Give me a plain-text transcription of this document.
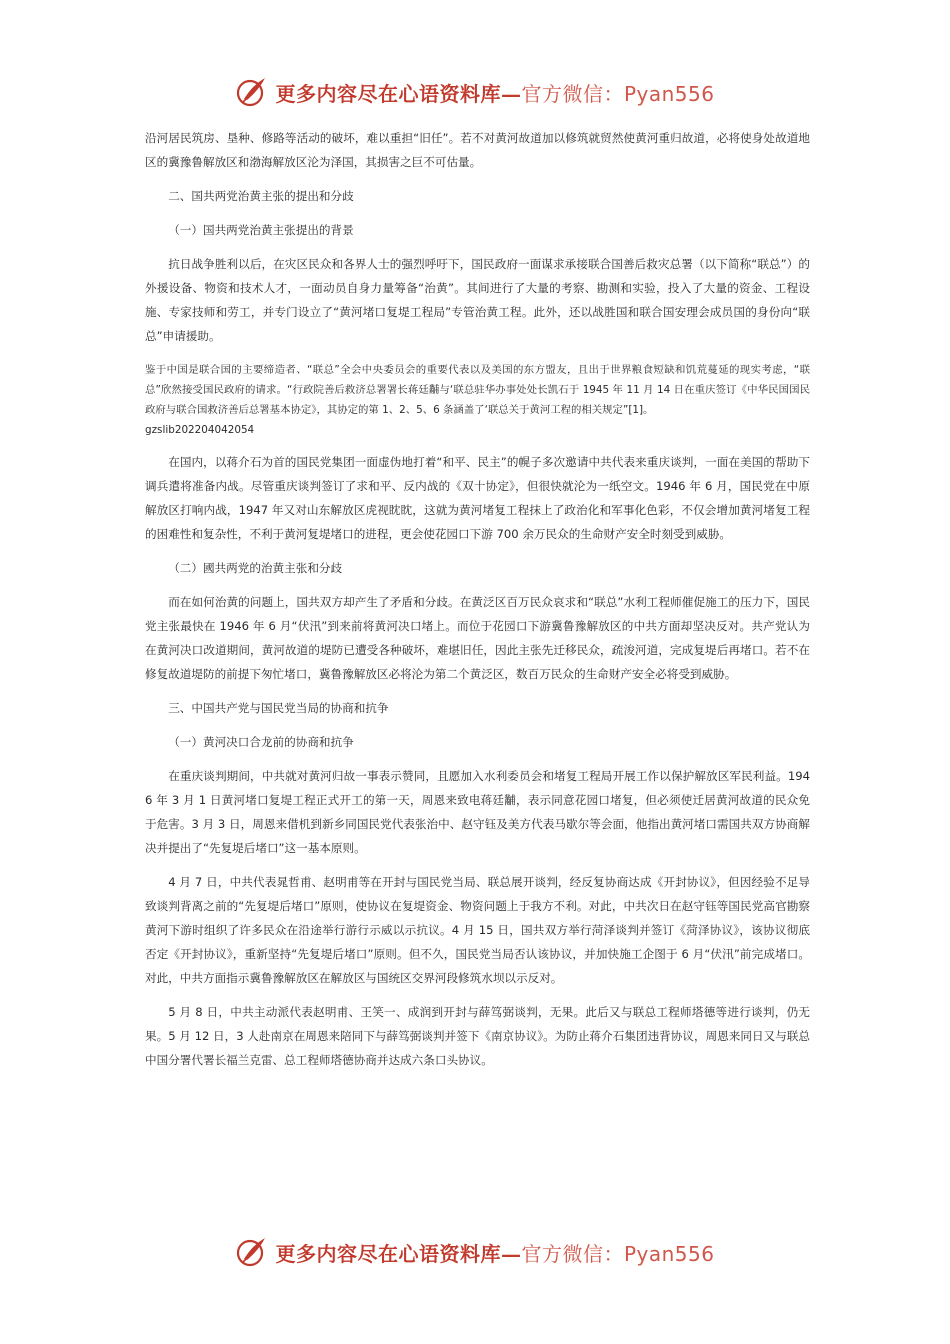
更多内容尽在心语资料库—官方微信：Pyan556

沿河居民筑房、垦种、修路等活动的破坏，难以重担“旧任”。若不对黄河故道加以修筑就贸然使黄河重归故道，必将使身处故道地区的冀豫鲁解放区和渤海解放区沦为泽国，其损害之巨不可估量。

二、国共两党治黄主张的提出和分歧

（一）国共两党治黄主张提出的背景

抗日战争胜利以后，在灾区民众和各界人士的强烈呼吁下，国民政府一面谋求承接联合国善后救灾总署（以下简称“联总”）的外援设备、物资和技术人才，一面动员自身力量筹备“治黄”。其间进行了大量的考察、勘测和实验，投入了大量的资金、工程设施、专家技师和劳工，并专门设立了“黄河堵口复堤工程局”专管治黄工程。此外，还以战胜国和联合国安理会成员国的身份向“联总”申请援助。

鉴于中国是联合国的主要缔造者、“联总”全会中央委员会的重要代表以及美国的东方盟友，且出于世界粮食短缺和饥荒蔓延的现实考虑，“联总”欣然接受国民政府的请求。“行政院善后救济总署署长蒋廷黼与‘联总驻华办事处处长凯石于 1945 年 11 月 14 日在重庆签订《中华民国国民政府与联合国救济善后总署基本协定》，其协定的第 1、2、5、6 条涵盖了‘联总关于黄河工程的相关规定”[1]。

gzslib202204042054

在国内，以蒋介石为首的国民党集团一面虚伪地打着“和平、民主”的幌子多次邀请中共代表来重庆谈判，一面在美国的帮助下调兵遣将准备内战。尽管重庆谈判签订了求和平、反内战的《双十协定》，但很快就沦为一纸空文。1946 年 6 月，国民党在中原解放区打响内战，1947 年又对山东解放区虎视眈眈，这就为黄河堵复工程抹上了政治化和军事化色彩，不仅会增加黄河堵复工程的困难性和复杂性，不利于黄河复堤堵口的进程，更会使花园口下游 700 余万民众的生命财产安全时刻受到威胁。

（二）國共两党的治黄主张和分歧

而在如何治黄的问题上，国共双方却产生了矛盾和分歧。在黄泛区百万民众哀求和“联总”水利工程师催促施工的压力下，国民党主张最快在 1946 年 6 月“伏汛”到来前将黄河决口堵上。而位于花园口下游冀鲁豫解放区的中共方面却坚决反对。共产党认为在黄河决口改道期间，黄河故道的堤防已遭受各种破坏，难堪旧任，因此主张先迁移民众，疏浚河道，完成复堤后再堵口。若不在修复故道堤防的前提下匆忙堵口，冀鲁豫解放区必将沦为第二个黄泛区，数百万民众的生命财产安全必将受到威胁。

三、中国共产党与国民党当局的协商和抗争

（一）黄河决口合龙前的协商和抗争

在重庆谈判期间，中共就对黄河归故一事表示赞同，且愿加入水利委员会和堵复工程局开展工作以保护解放区军民利益。1946 年 3 月 1 日黄河堵口复堤工程正式开工的第一天，周恩来致电蒋廷黼，表示同意花园口堵复，但必须使迁居黄河故道的民众免于危害。3 月 3 日，周恩来借机到新乡同国民党代表张治中、赵守钰及美方代表马歇尔等会面，他指出黄河堵口需国共双方协商解决并提出了“先复堤后堵口”这一基本原则。

4 月 7 日，中共代表晁哲甫、赵明甫等在开封与国民党当局、联总展开谈判，经反复协商达成《开封协议》，但因经验不足导致谈判背离之前的“先复堤后堵口”原则，使协议在复堤资金、物资问题上于我方不利。对此，中共次日在赵守钰等国民党高官勘察黄河下游时组织了许多民众在沿途举行游行示威以示抗议。4 月 15 日，国共双方举行菏泽谈判并签订《菏泽协议》，该协议彻底否定《开封协议》，重新坚持“先复堤后堵口”原则。但不久，国民党当局否认该协议，并加快施工企图于 6 月“伏汛”前完成堵口。对此，中共方面指示冀鲁豫解放区在解放区与国统区交界河段修筑水坝以示反对。

5 月 8 日，中共主动派代表赵明甫、王笑一、成润到开封与薛笃弼谈判，无果。此后又与联总工程师塔德等进行谈判，仍无果。5 月 12 日，3 人赴南京在周恩来陪同下与薛笃弼谈判并签下《南京协议》。为防止蒋介石集团违背协议，周恩来同日又与联总中国分署代署长福兰克雷、总工程师塔德协商并达成六条口头协议。

更多内容尽在心语资料库—官方微信：Pyan556
